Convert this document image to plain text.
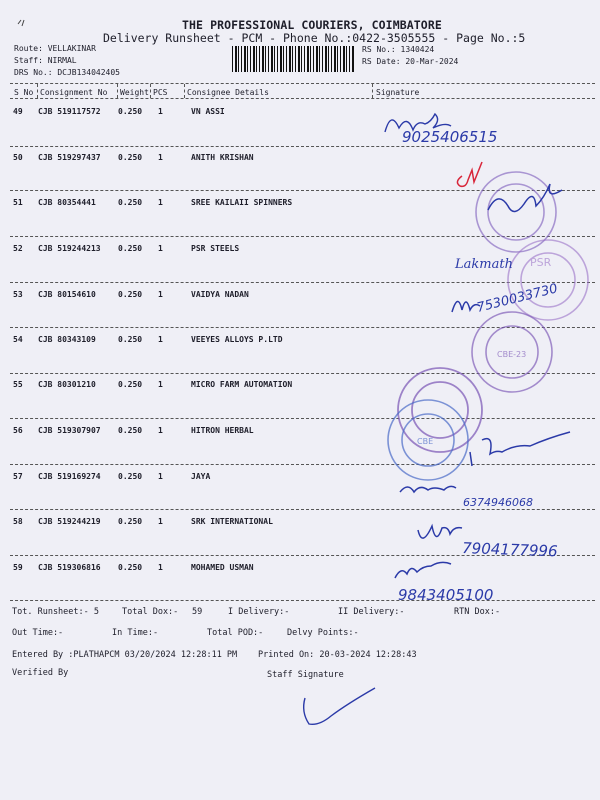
THE PROFESSIONAL COURIERS, COIMBATORE
Delivery Runsheet - PCM - Phone No.:0422-3505555 - Page No.:5
Route: VELLAKINAR
Staff: NIRMAL
DRS No.: DCJB134042405
RS No.: 1340424
RS Date: 20-Mar-2024
S No Consignment No Weight PCS Consignee Details	Signature
49 CJB 519117572 0.250 1	VN ASSI
50 CJB 519297437 0.250 1	ANITH KRISHAN
51 CJB 80354441	0.250 1	SREE KAILAII SPINNERS
52 CJB 519244213 0.250 1	PSR STEELS
53 CJB 80154610	0.250 1	VAIDYA NADAN
54 CJB 80343109	0.250 1	VEEYES ALLOYS P.LTD
55 CJB 80301210	0.250 1	MICRO FARM AUTOMATION
56 CJB 519307907 0.250 1	HITRON HERBAL
57 CJB 519169274 0.250 1	JAYA
58 CJB 519244219 0.250 1	SRK INTERNATIONAL
59 CJB 519306816 0.250 1	MOHAMED USMAN
Tot. Runsheet:- 5	Total Dox:- 59	I Delivery:-	II Delivery:-	RTN Dox:-
Out Time:-	In Time:-	Total POD:-	Delvy Points:-
Entered By :PLATHAPCM 03/20/2024 12:28:11 PM Printed On: 20-03-2024 12:28:43
Verified By	Staff Signature
PSR
CBE-23
CBE
9025406515
Lakmath
7530033730
6374946068
7904177996
9843405100
